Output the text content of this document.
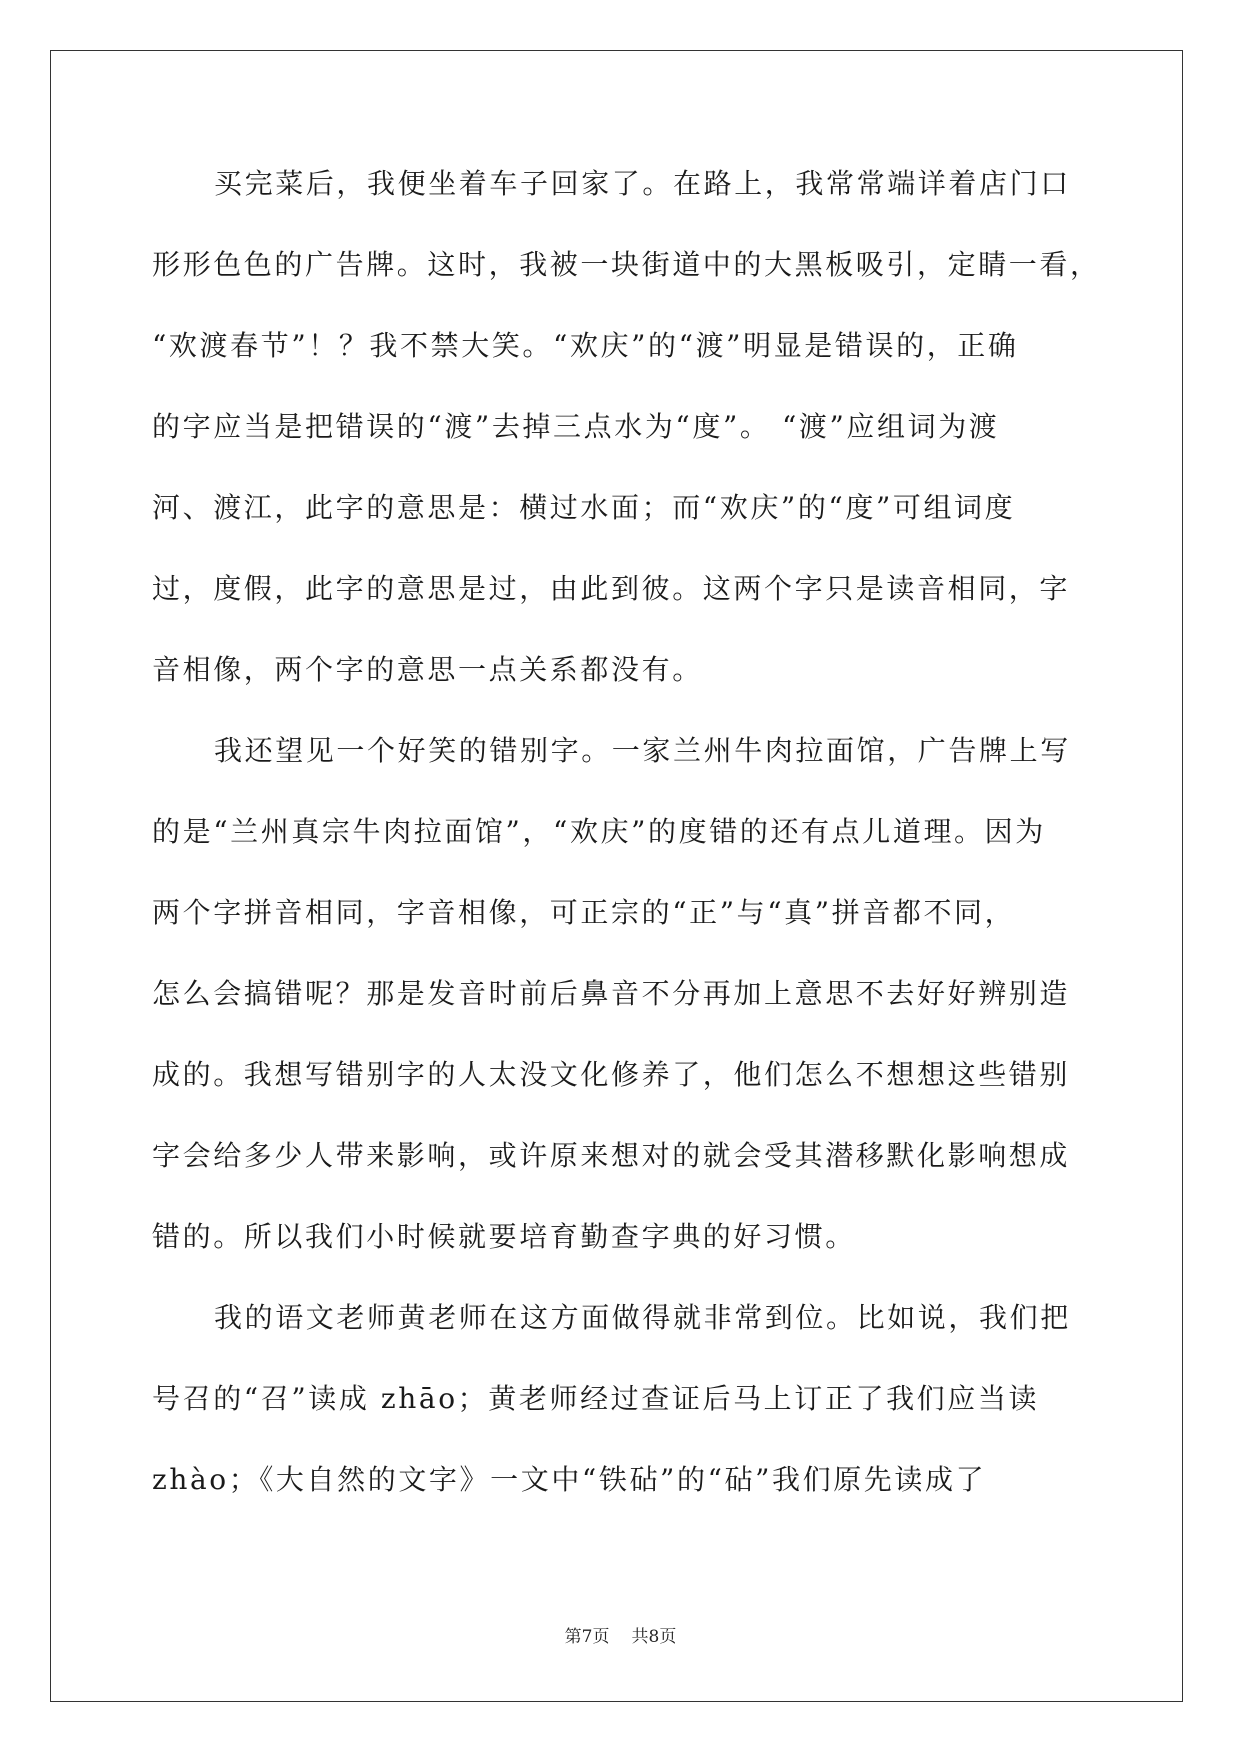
买完菜后，我便坐着车子回家了。在路上，我常常端详着店门口
形形色色的广告牌。这时，我被一块街道中的大黑板吸引，定睛一看，
“欢渡春节”！？我不禁大笑。“欢庆”的“渡”明显是错误的，正确
的字应当是把错误的“渡”去掉三点水为“度”。 “渡”应组词为渡
河、渡江，此字的意思是：横过水面；而“欢庆”的“度”可组词度
过，度假，此字的意思是过，由此到彼。这两个字只是读音相同，字
音相像，两个字的意思一点关系都没有。
我还望见一个好笑的错别字。一家兰州牛肉拉面馆，广告牌上写
的是“兰州真宗牛肉拉面馆”，“欢庆”的度错的还有点儿道理。因为
两个字拼音相同，字音相像，可正宗的“正”与“真”拼音都不同，
怎么会搞错呢？那是发音时前后鼻音不分再加上意思不去好好辨别造
成的。我想写错别字的人太没文化修养了，他们怎么不想想这些错别
字会给多少人带来影响，或许原来想对的就会受其潜移默化影响想成
错的。所以我们小时候就要培育勤查字典的好习惯。
我的语文老师黄老师在这方面做得就非常到位。比如说，我们把
号召的“召”读成 zhāo；黄老师经过查证后马上订正了我们应当读
zhào；《大自然的文字》一文中“铁砧”的“砧”我们原先读成了
第7页 共8页
